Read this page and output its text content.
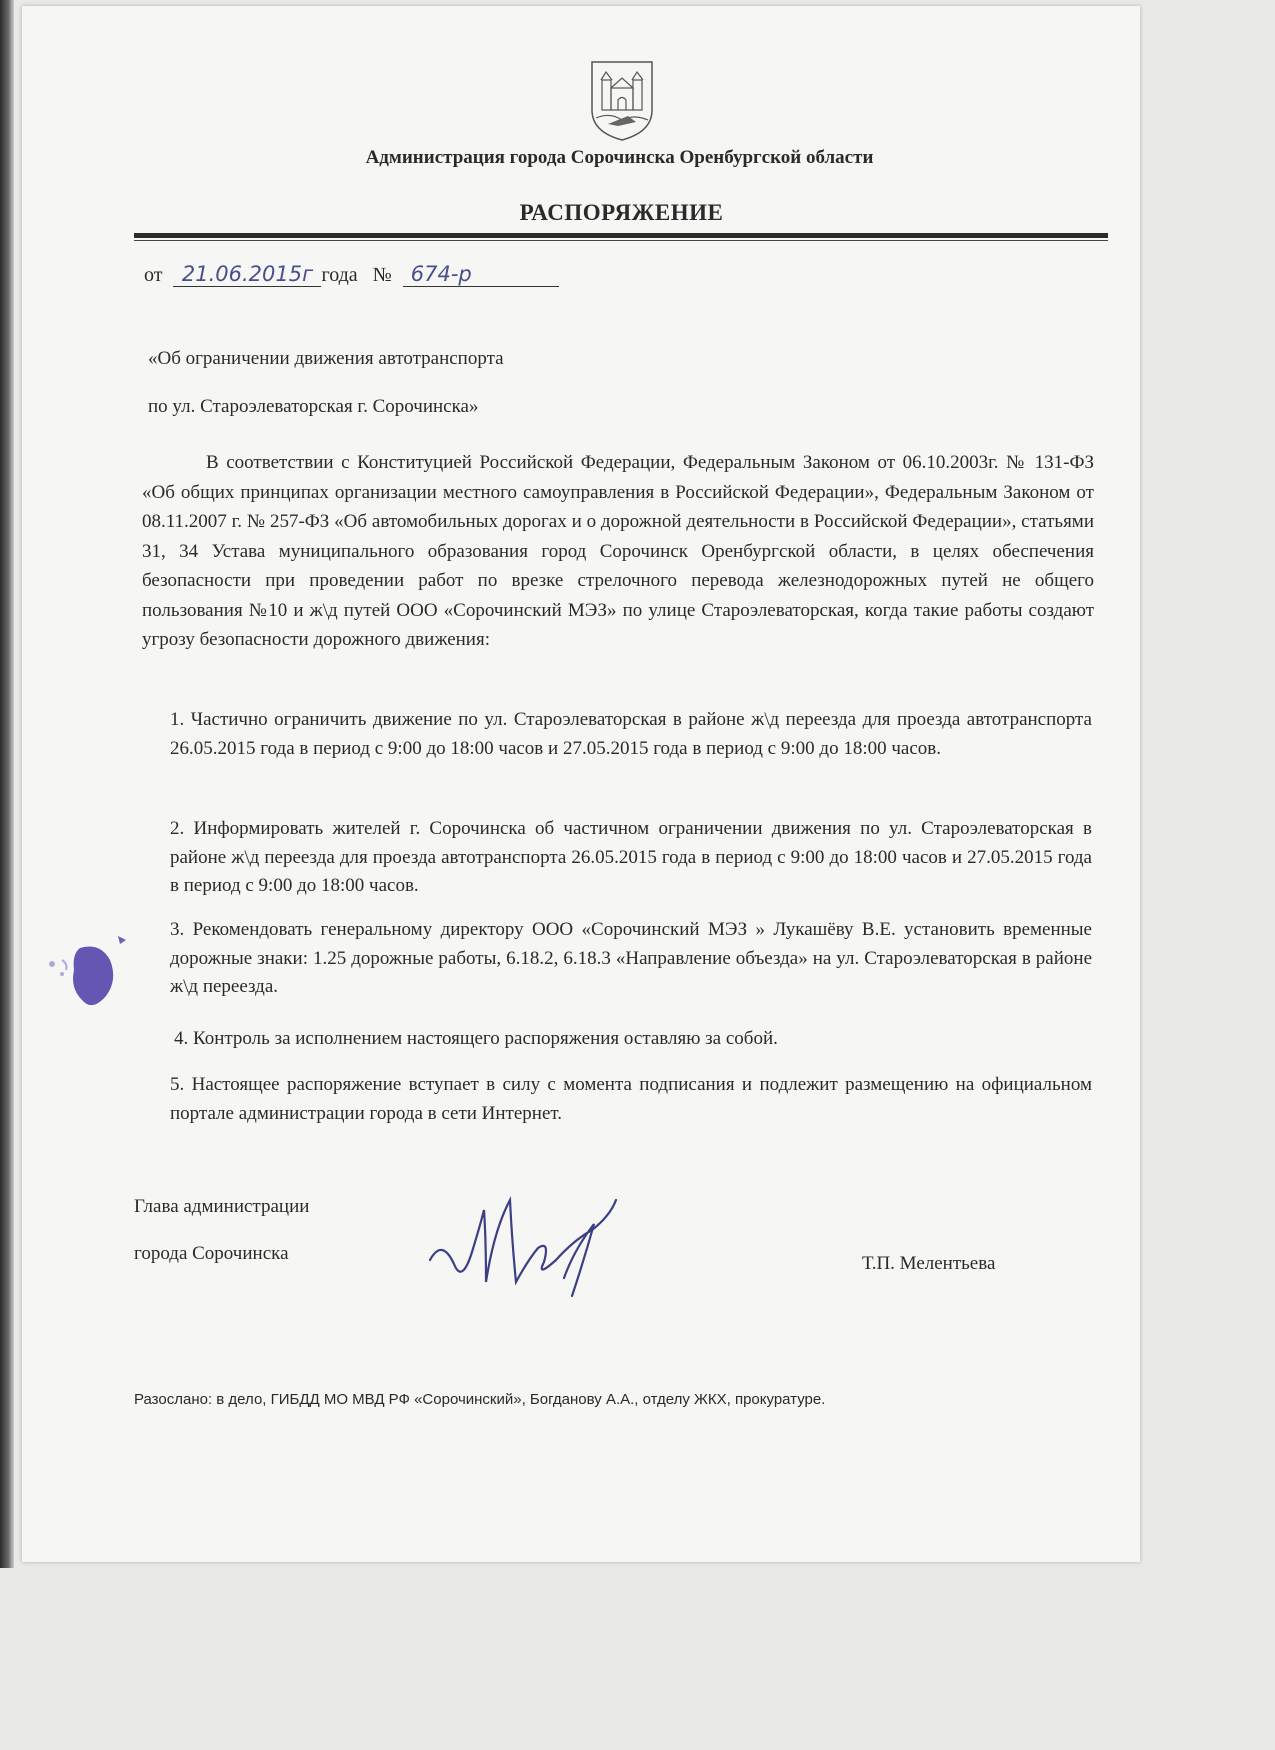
Администрация города Сорочинска Оренбургской области
РАСПОРЯЖЕНИЕ
от 21.06.2015г года № 674-р
«Об ограничении движения автотранспорта
по ул. Староэлеваторская г. Сорочинска»
В соответствии с Конституцией Российской Федерации, Федеральным Законом от 06.10.2003г. № 131-ФЗ «Об общих принципах организации местного самоуправления в Российской Федерации», Федеральным Законом от 08.11.2007 г. № 257-ФЗ «Об автомобильных дорогах и о дорожной деятельности в Российской Федерации», статьями 31, 34 Устава муниципального образования город Сорочинск Оренбургской области, в целях обеспечения безопасности при проведении работ по врезке стрелочного перевода железнодорожных путей не общего пользования №10 и ж\д путей ООО «Сорочинский МЭЗ» по улице Староэлеваторская, когда такие работы создают угрозу безопасности дорожного движения:
1. Частично ограничить движение по ул. Староэлеваторская в районе ж\д переезда для проезда автотранспорта 26.05.2015 года в период с 9:00 до 18:00 часов и 27.05.2015 года в период с 9:00 до 18:00 часов.
2. Информировать жителей г. Сорочинска об частичном ограничении движения по ул. Староэлеваторская в районе ж\д переезда для проезда автотранспорта 26.05.2015 года в период с 9:00 до 18:00 часов и 27.05.2015 года в период с 9:00 до 18:00 часов.
3. Рекомендовать генеральному директору ООО «Сорочинский МЭЗ » Лукашёву В.Е. установить временные дорожные знаки: 1.25 дорожные работы, 6.18.2, 6.18.3 «Направление объезда» на ул. Староэлеваторская в районе ж\д переезда.
4. Контроль за исполнением настоящего распоряжения оставляю за собой.
5. Настоящее распоряжение вступает в силу с момента подписания и подлежит размещению на официальном портале администрации города в сети Интернет.
Глава администрации
города Сорочинска	Т.П. Мелентьева
Разослано: в дело, ГИБДД МО МВД РФ «Сорочинский», Богданову А.А., отделу ЖКХ, прокуратуре.
